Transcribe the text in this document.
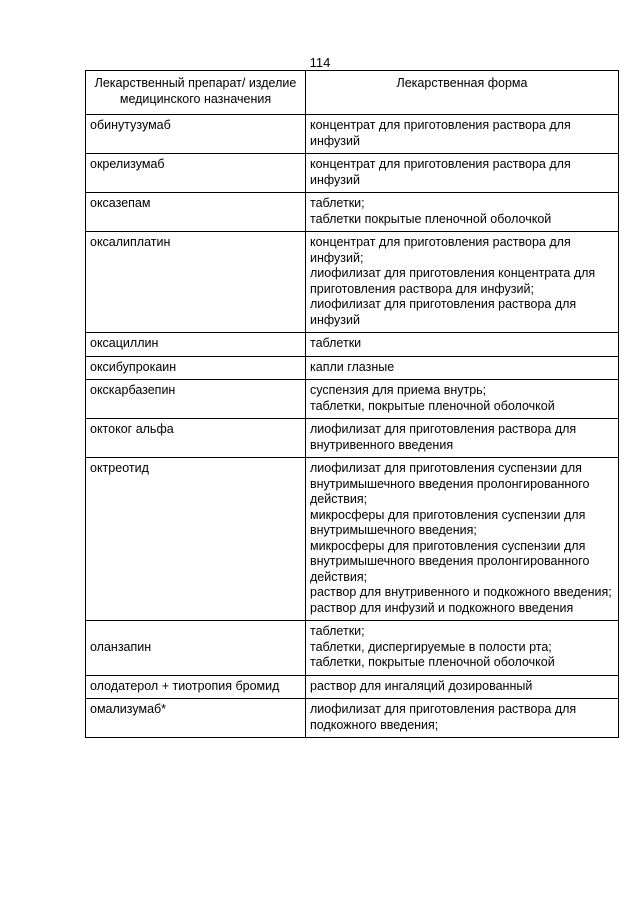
114
Лекарственный препарат/ изделие медицинского назначения	Лекарственная форма
обинутузумаб	концентрат для приготовления раствора для инфузий

окрелизумаб	концентрат для приготовления раствора для инфузий

оксазепам	таблетки;
таблетки покрытые пленочной оболочкой

оксалиплатин	концентрат для приготовления раствора для инфузий;
лиофилизат для приготовления концентрата для приготовления раствора для инфузий;
лиофилизат для приготовления раствора для инфузий

оксациллин	таблетки

оксибупрокаин	капли глазные

окскарбазепин	суспензия для приема внутрь;
таблетки, покрытые пленочной оболочкой

октоког альфа	лиофилизат для приготовления раствора для внутривенного введения

октреотид	лиофилизат для приготовления суспензии для внутримышечного введения пролонгированного действия;
микросферы для приготовления суспензии для внутримышечного введения;
микросферы для приготовления суспензии для внутримышечного введения пролонгированного действия;
раствор для внутривенного и подкожного введения;
раствор для инфузий и подкожного введения

оланзапин	таблетки;
таблетки, диспергируемые в полости рта;
таблетки, покрытые пленочной оболочкой

олодатерол + тиотропия бромид	раствор для ингаляций дозированный

омализумаб*	лиофилизат для приготовления раствора для подкожного введения;
